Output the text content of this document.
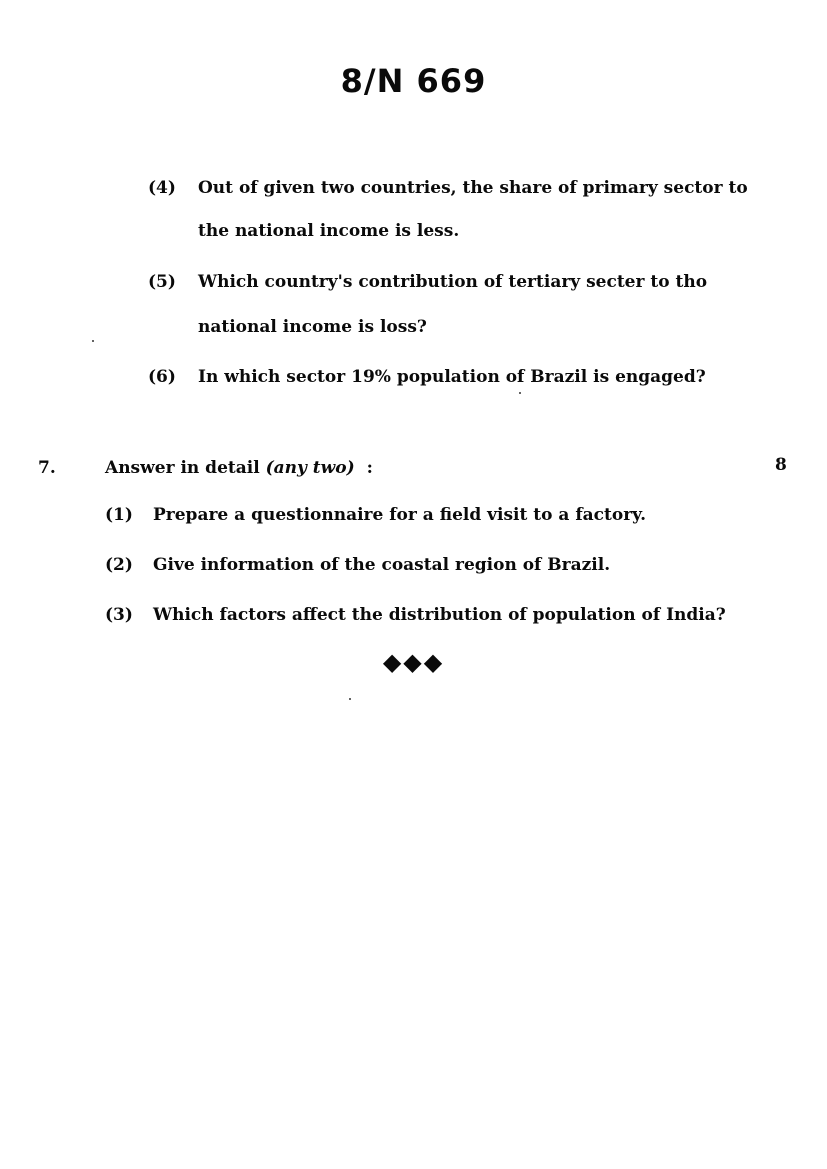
8/N 669
(4) Out of given two countries, the share of primary sector to
the national income is less.
(5) Which country's contribution of tertiary secter to tho
national income is loss?
(6) In which sector 19% population of Brazil is engaged?
7.	Answer in detail (any two) :	8
(1) Prepare a questionnaire for a field visit to a factory.
(2) Give information of the coastal region of Brazil.
(3) Which factors affect the distribution of population of India?
◆◆◆
